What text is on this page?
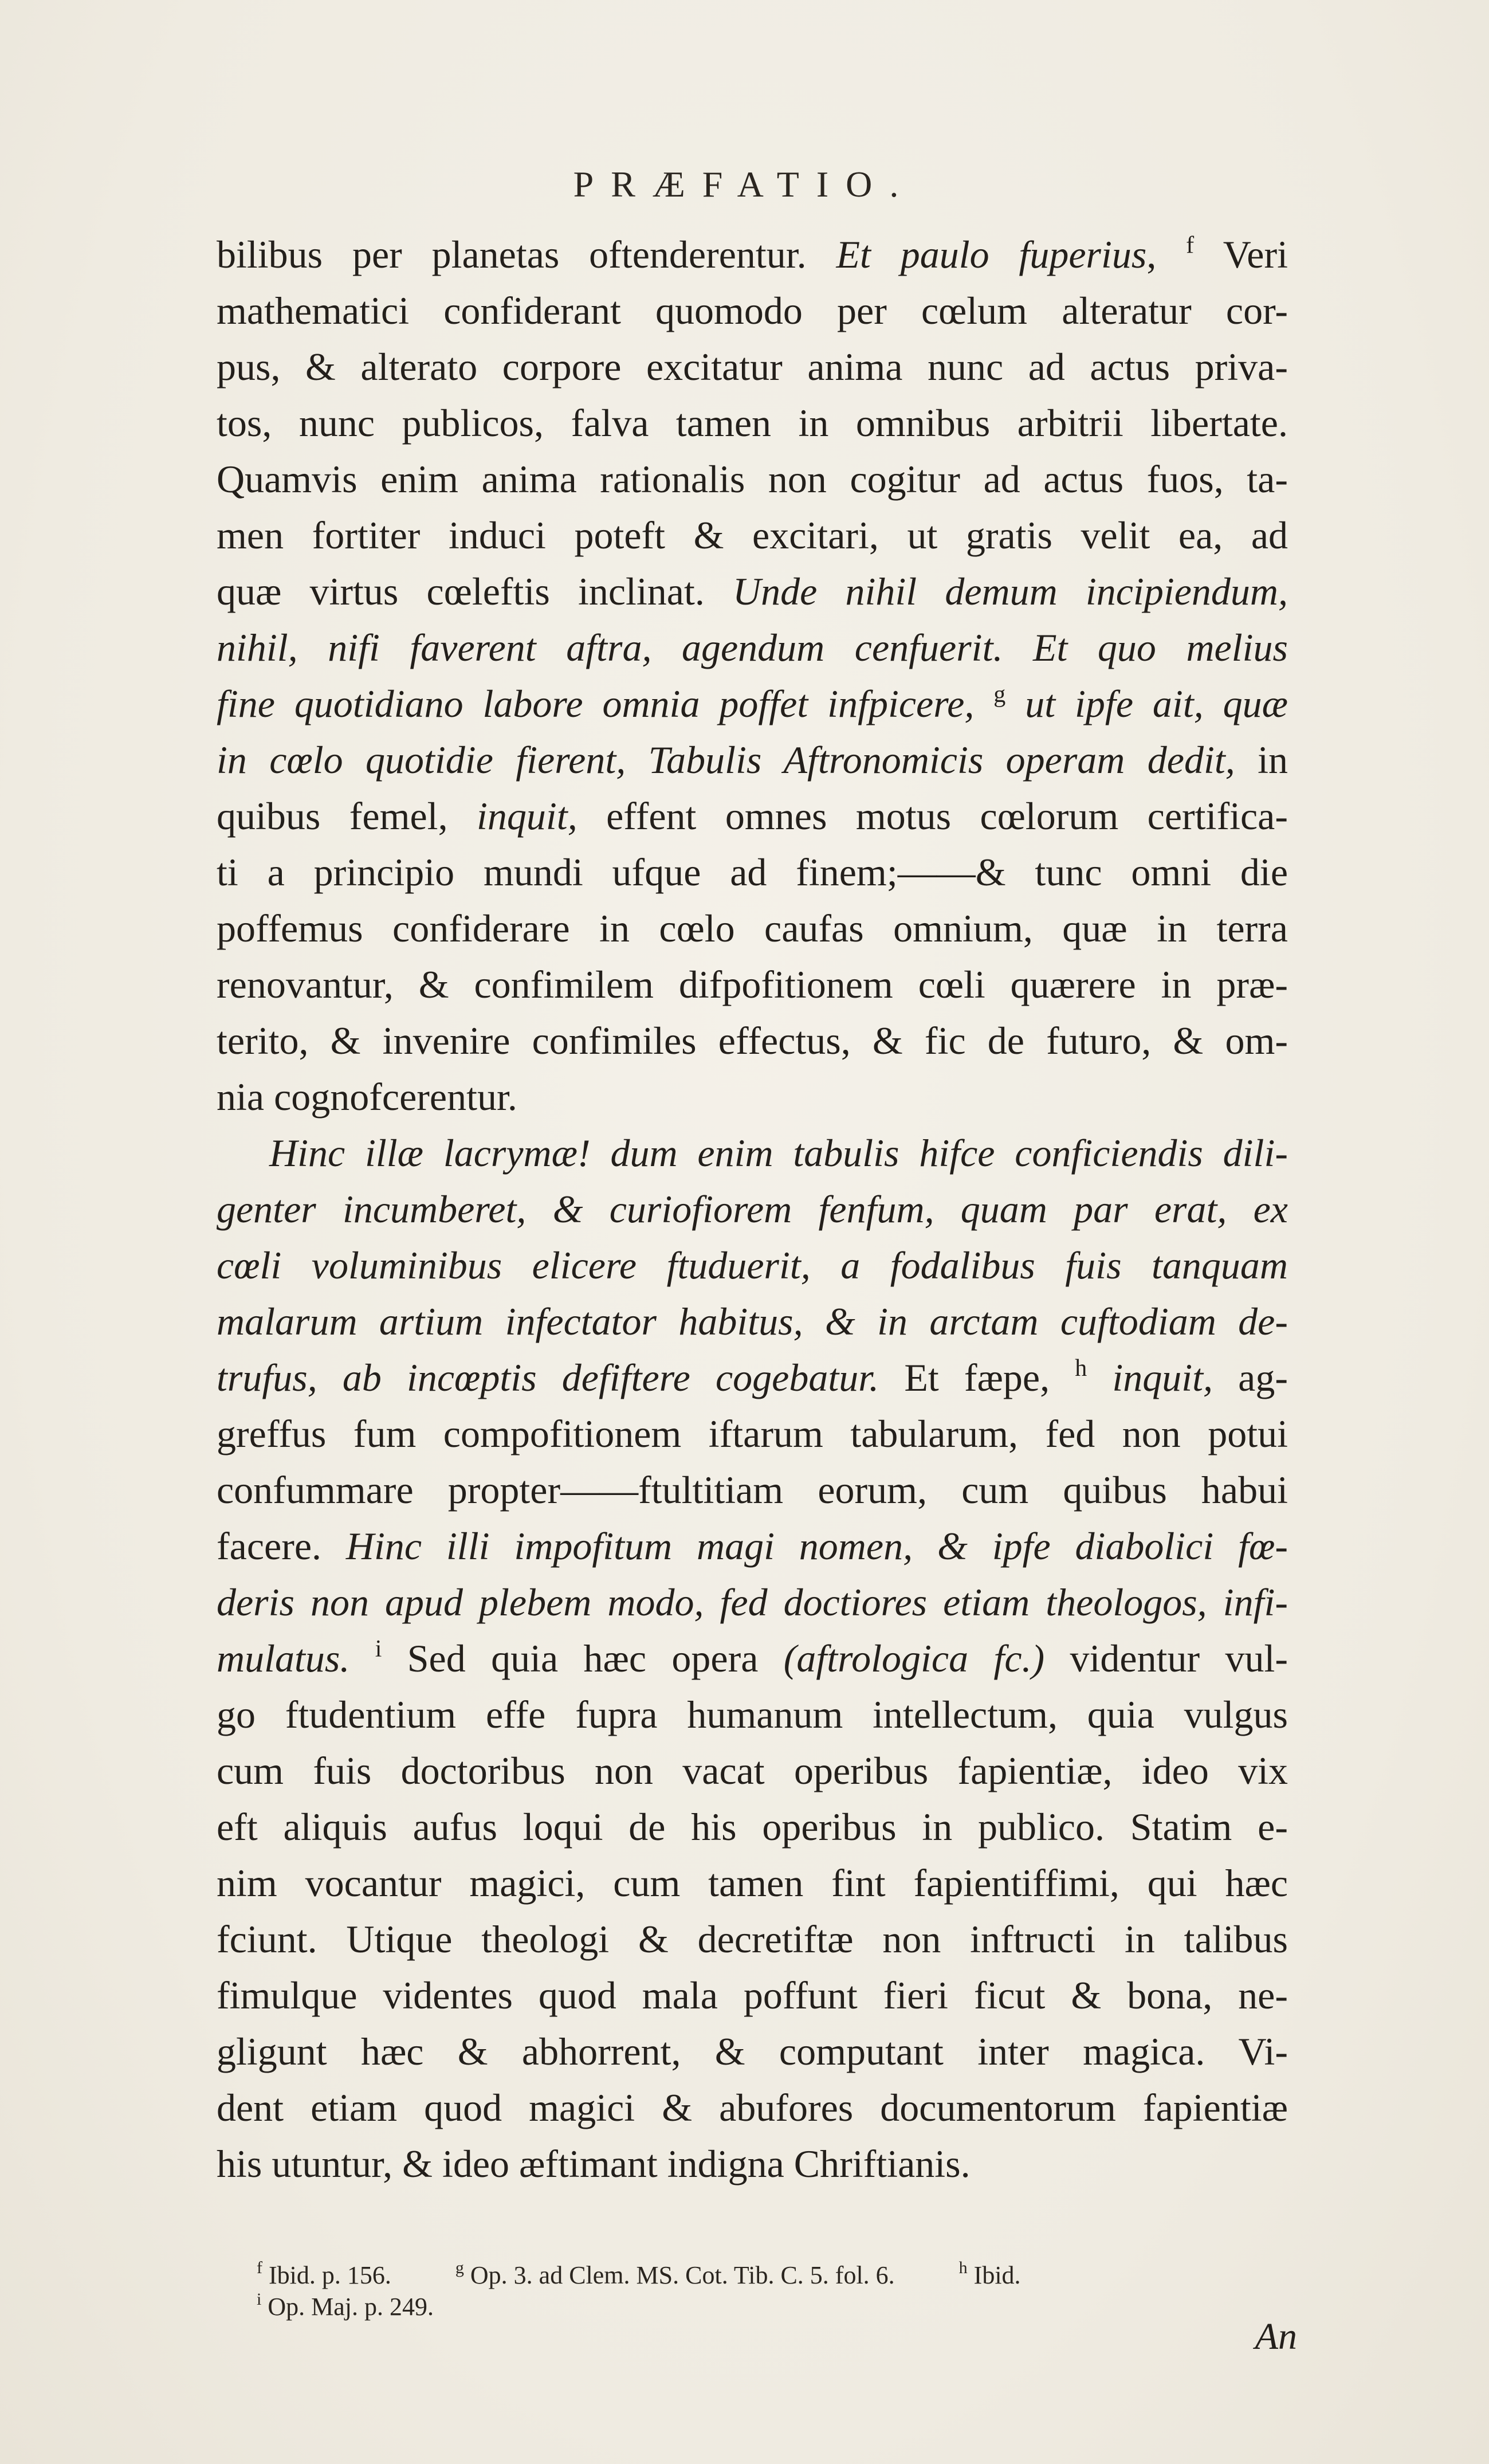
PRÆFATIO.
bilibus per planetas oftenderentur. Et paulo fuperius, $^f$ Veri
mathematici confiderant quomodo per cœlum alteratur cor-
pus, & alterato corpore excitatur anima nunc ad actus priva-
tos, nunc publicos, falva tamen in omnibus arbitrii libertate.
Quamvis enim anima rationalis non cogitur ad actus fuos, ta-
men fortiter induci poteft & excitari, ut gratis velit ea, ad
quæ virtus cœleftis inclinat. Unde nihil demum incipiendum,
nihil, nifi faverent aftra, agendum cenfuerit. Et quo melius
fine quotidiano labore omnia poffet infpicere, $^g$ ut ipfe ait, quæ
in cœlo quotidie fierent, Tabulis Aftronomicis operam dedit, in
quibus femel, inquit, effent omnes motus cœlorum certifica-
ti a principio mundi ufque ad finem;——& tunc omni die
poffemus confiderare in cœlo caufas omnium, quæ in terra
renovantur, & confimilem difpofitionem cœli quærere in præ-
terito, & invenire confimiles effectus, & fic de futuro, & om-
nia cognofcerentur.
Hinc illæ lacrymæ! dum enim tabulis hifce conficiendis dili-
genter incumberet, & curiofiorem fenfum, quam par erat, ex
cœli voluminibus elicere ftuduerit, a fodalibus fuis tanquam
malarum artium infectator habitus, & in arctam cuftodiam de-
trufus, ab incœptis defiftere cogebatur. Et fæpe, $^h$ inquit, ag-
greffus fum compofitionem iftarum tabularum, fed non potui
confummare propter——ftultitiam eorum, cum quibus habui
facere. Hinc illi impofitum magi nomen, & ipfe diabolici fœ-
deris non apud plebem modo, fed doctiores etiam theologos, infi-
mulatus. $^i$ Sed quia hæc opera (aftrologica fc.) videntur vul-
go ftudentium effe fupra humanum intellectum, quia vulgus
cum fuis doctoribus non vacat operibus fapientiæ, ideo vix
eft aliquis aufus loqui de his operibus in publico. Statim e-
nim vocantur magici, cum tamen fint fapientiffimi, qui hæc
fciunt. Utique theologi & decretiftæ non inftructi in talibus
fimulque videntes quod mala poffunt fieri ficut & bona, ne-
gligunt hæc & abhorrent, & computant inter magica. Vi-
dent etiam quod magici & abufores documentorum fapientiæ
his utuntur, & ideo æftimant indigna Chriftianis.
$^f$ Ibid. p. 156.	$^g$ Op. 3. ad Clem. MS. Cot. Tib. C. 5. fol. 6.	$^h$ Ibid.
$^i$ Op. Maj. p. 249.
An
